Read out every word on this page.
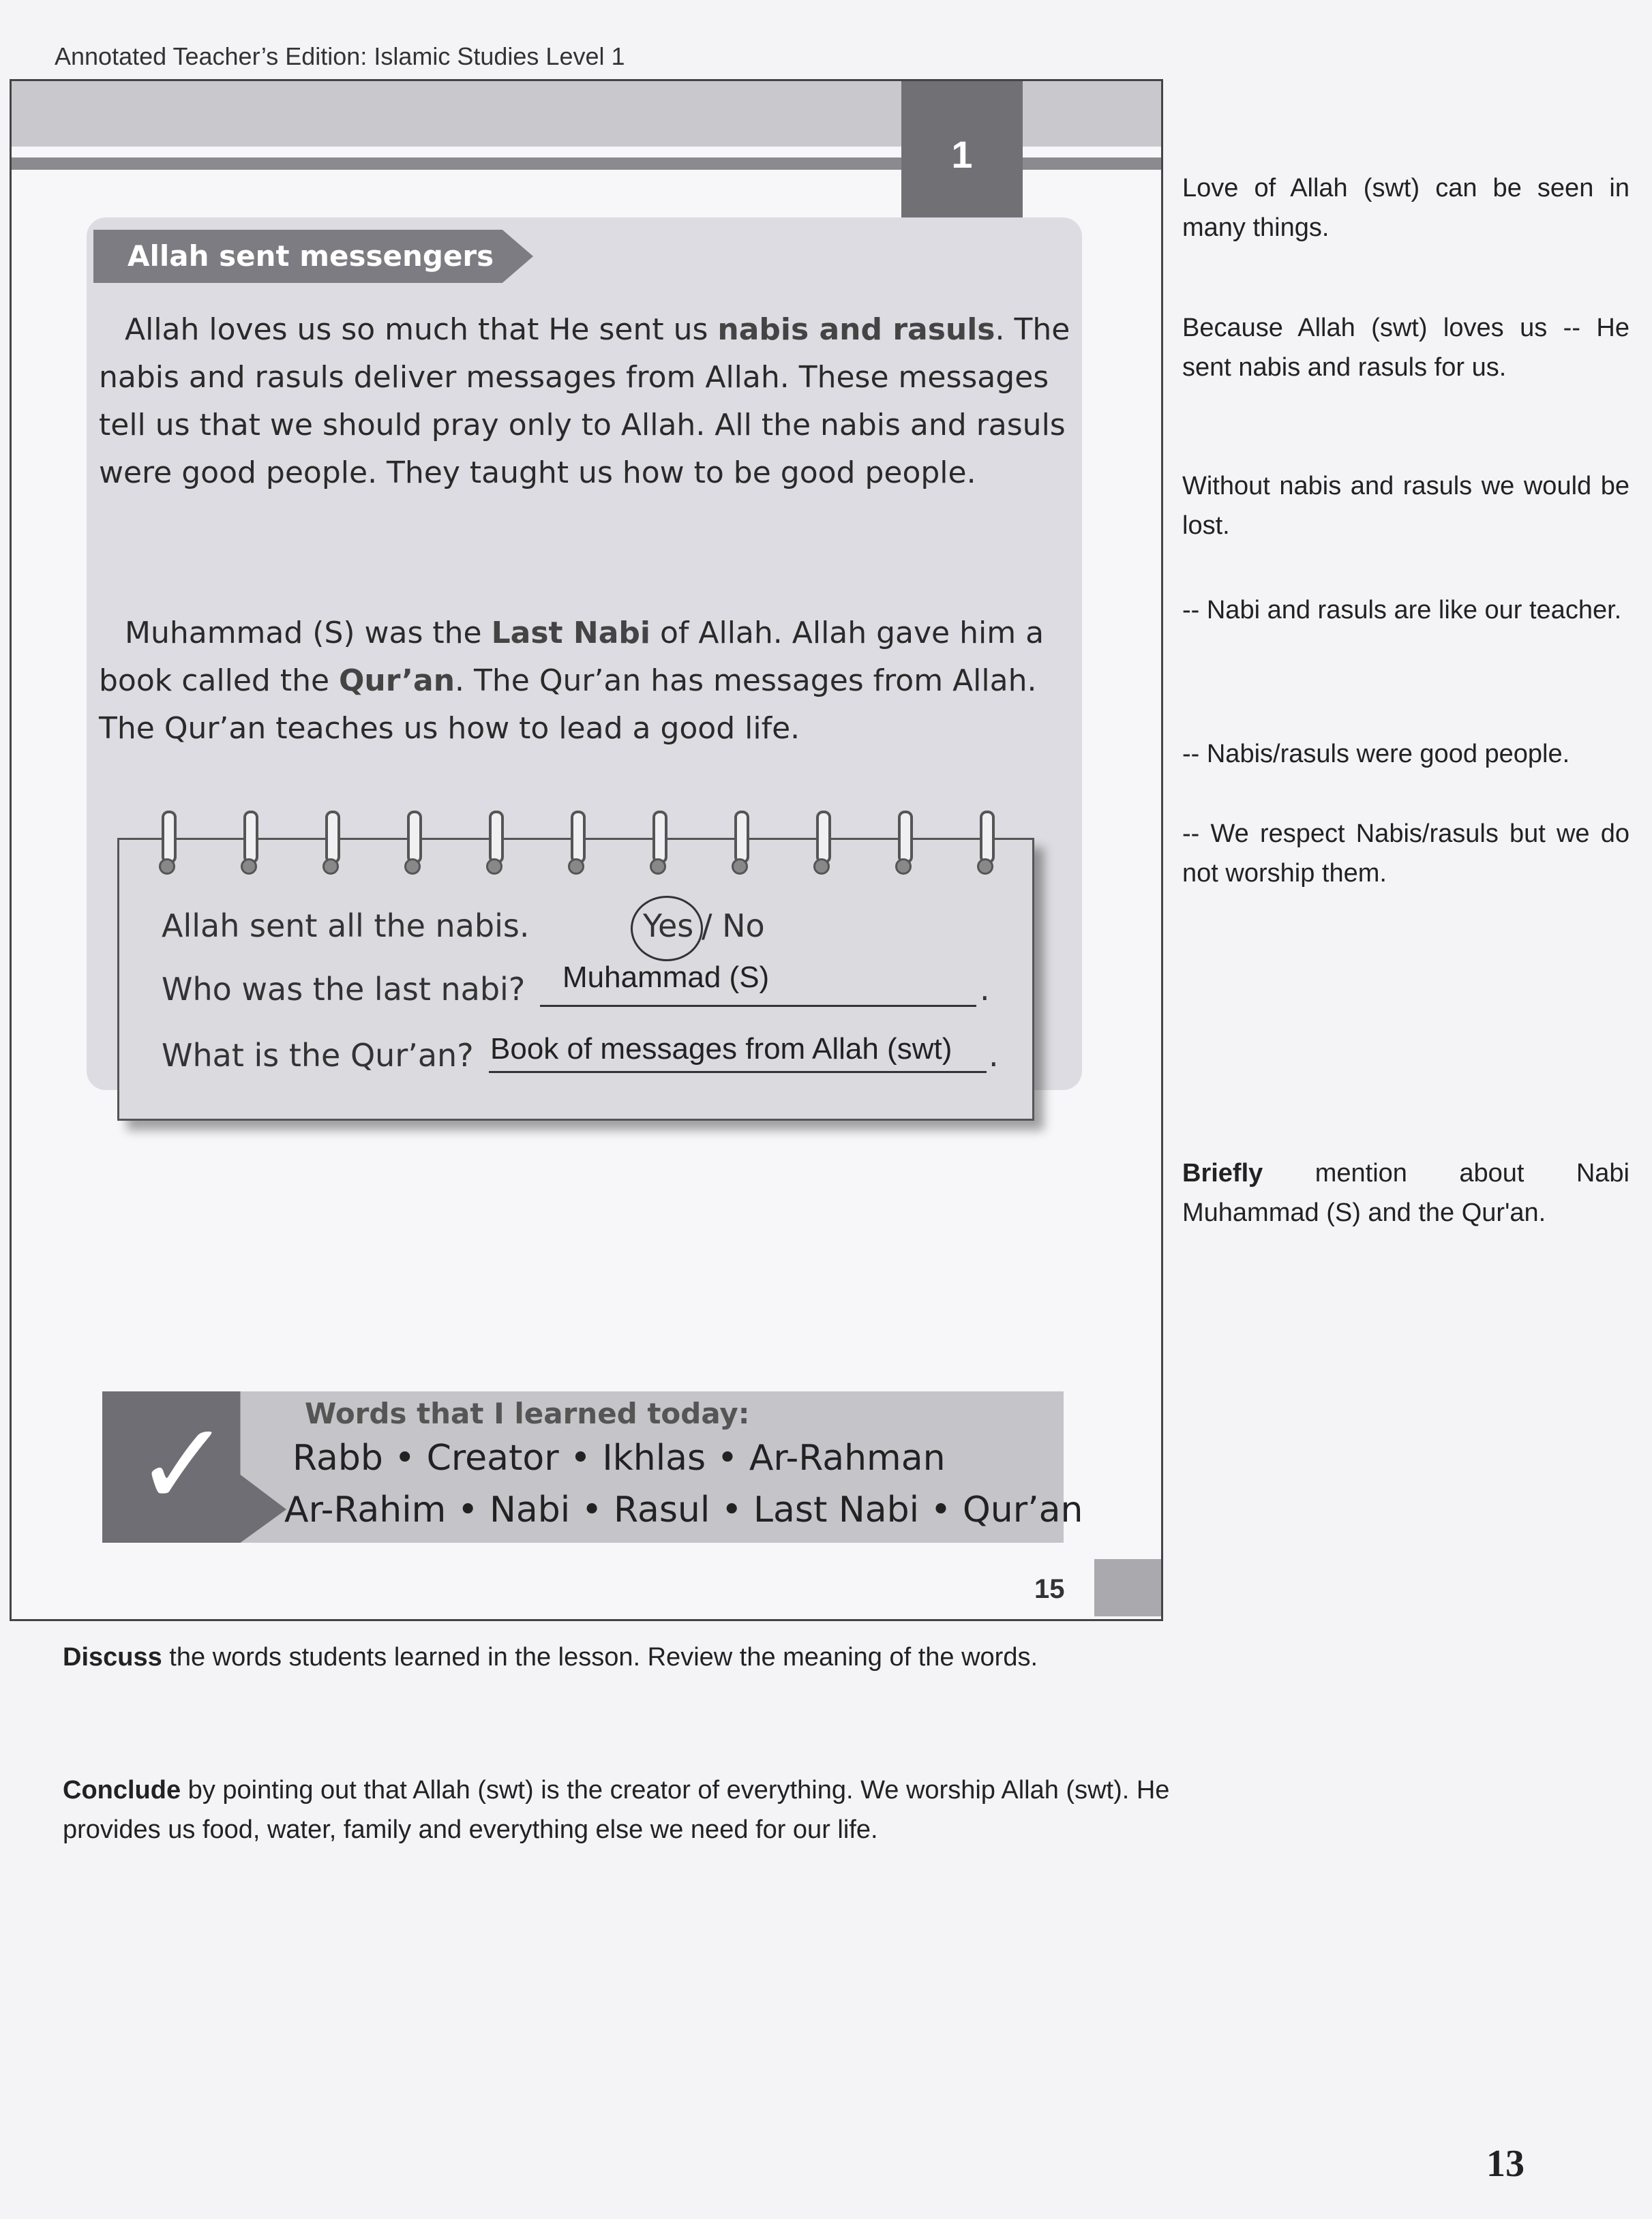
Annotated Teacher’s Edition: Islamic Studies Level 1
1
Allah sent messengers

Allah loves us so much that He sent us nabis and rasuls. The nabis and rasuls deliver messages from Allah. These messages tell us that we should pray only to Allah. All the nabis and rasuls were good people. They taught us how to be good people.

Muhammad (S) was the Last Nabi of Allah. Allah gave him a book called the Qur’an. The Qur’an has messages from Allah. The Qur’an teaches us how to lead a good life.

Allah sent all the nabis.	Yes / No
Who was the last nabi? Muhammad (S)	.
What is the Qur’an? Book of messages from Allah (swt) .
✓	Words that I learned today:
Rabb • Creator • Ikhlas • Ar-Rahman
Ar-Rahim • Nabi • Rasul • Last Nabi • Qur’an
15
Love of Allah (swt) can be seen in many things.
Because Allah (swt) loves us -- He sent nabis and rasuls for us.
Without nabis and rasuls we would be lost.
-- Nabi and rasuls are like our teacher.
-- Nabis/rasuls were good people.
-- We respect Nabis/rasuls but we do not worship them.
Briefly mention about Nabi Muhammad (S) and the Qur'an.
Discuss the words students learned in the lesson. Review the meaning of the words.
Conclude by pointing out that Allah (swt) is the creator of everything. We worship Allah (swt). He provides us food, water, family and everything else we need for our life.
13
